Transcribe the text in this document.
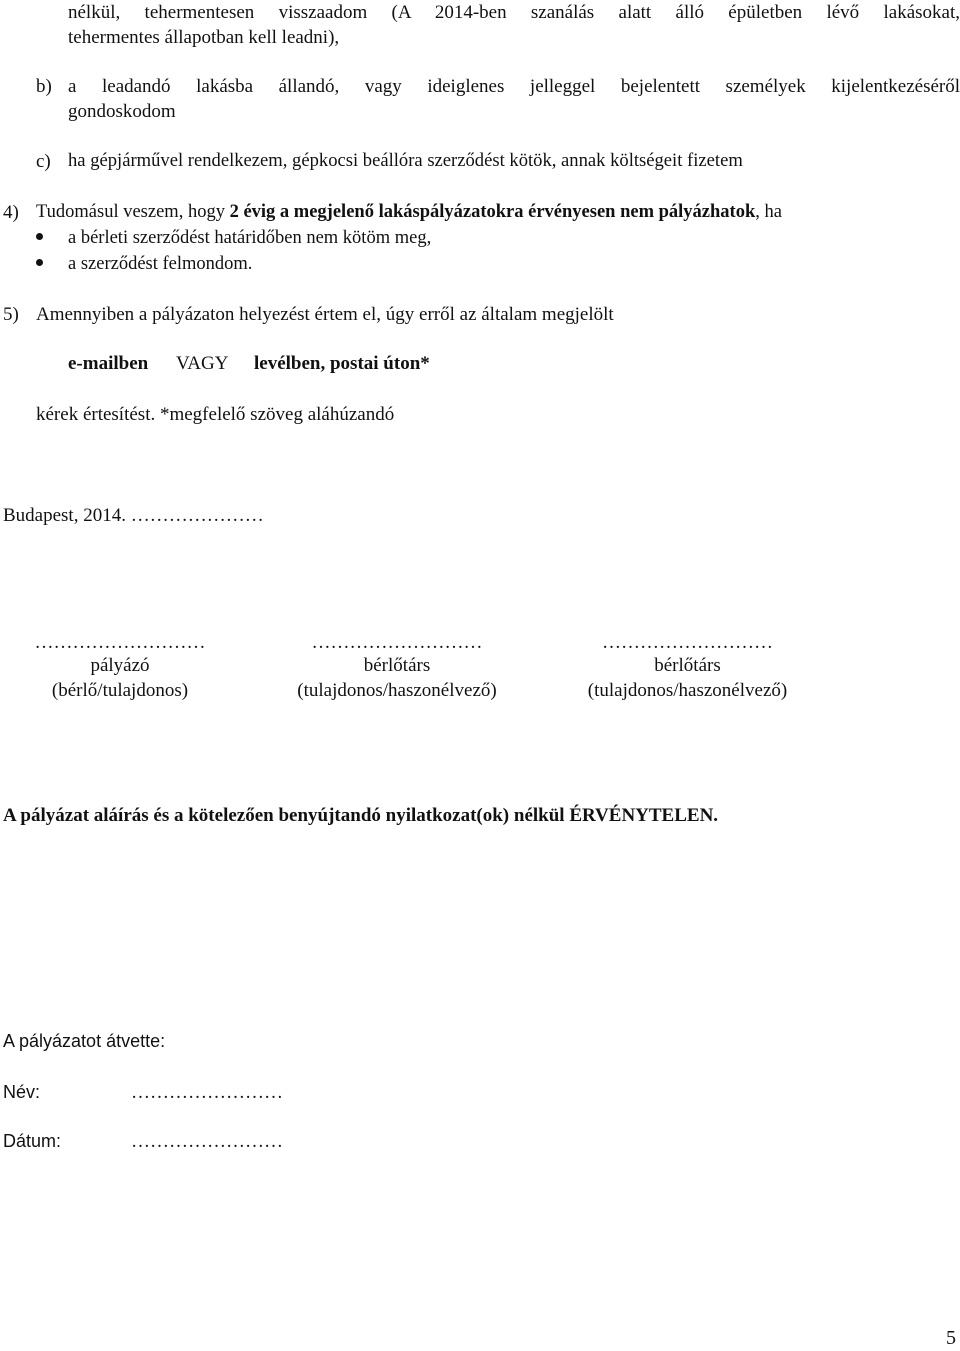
nélkül, tehermentesen visszaadom (A 2014-ben szanálás alatt álló épületben lévő lakásokat,
tehermentes állapotban kell leadni),
b) a leadandó lakásba állandó, vagy ideiglenes jelleggel bejelentett személyek kijelentkezéséről
gondoskodom
c) ha gépjárművel rendelkezem, gépkocsi beállóra szerződést kötök, annak költségeit fizetem
4) Tudomásul veszem, hogy 2 évig a megjelenő lakáspályázatokra érvényesen nem pályázhatok, ha
a bérleti szerződést határidőben nem kötöm meg,
a szerződést felmondom.
5) Amennyiben a pályázaton helyezést értem el, úgy erről az általam megjelölt
e-mailben VAGY levélben, postai úton*
kérek értesítést. *megfelelő szöveg aláhúzandó
Budapest, 2014. …………………
………………………
pályázó
(bérlő/tulajdonos)
………………………
bérlőtárs
(tulajdonos/haszonélvező)
………………………
bérlőtárs
(tulajdonos/haszonélvező)
A pályázat aláírás és a kötelezően benyújtandó nyilatkozat(ok) nélkül ÉRVÉNYTELEN.
A pályázatot átvette:
Név:	……………………
Dátum:	……………………
5
